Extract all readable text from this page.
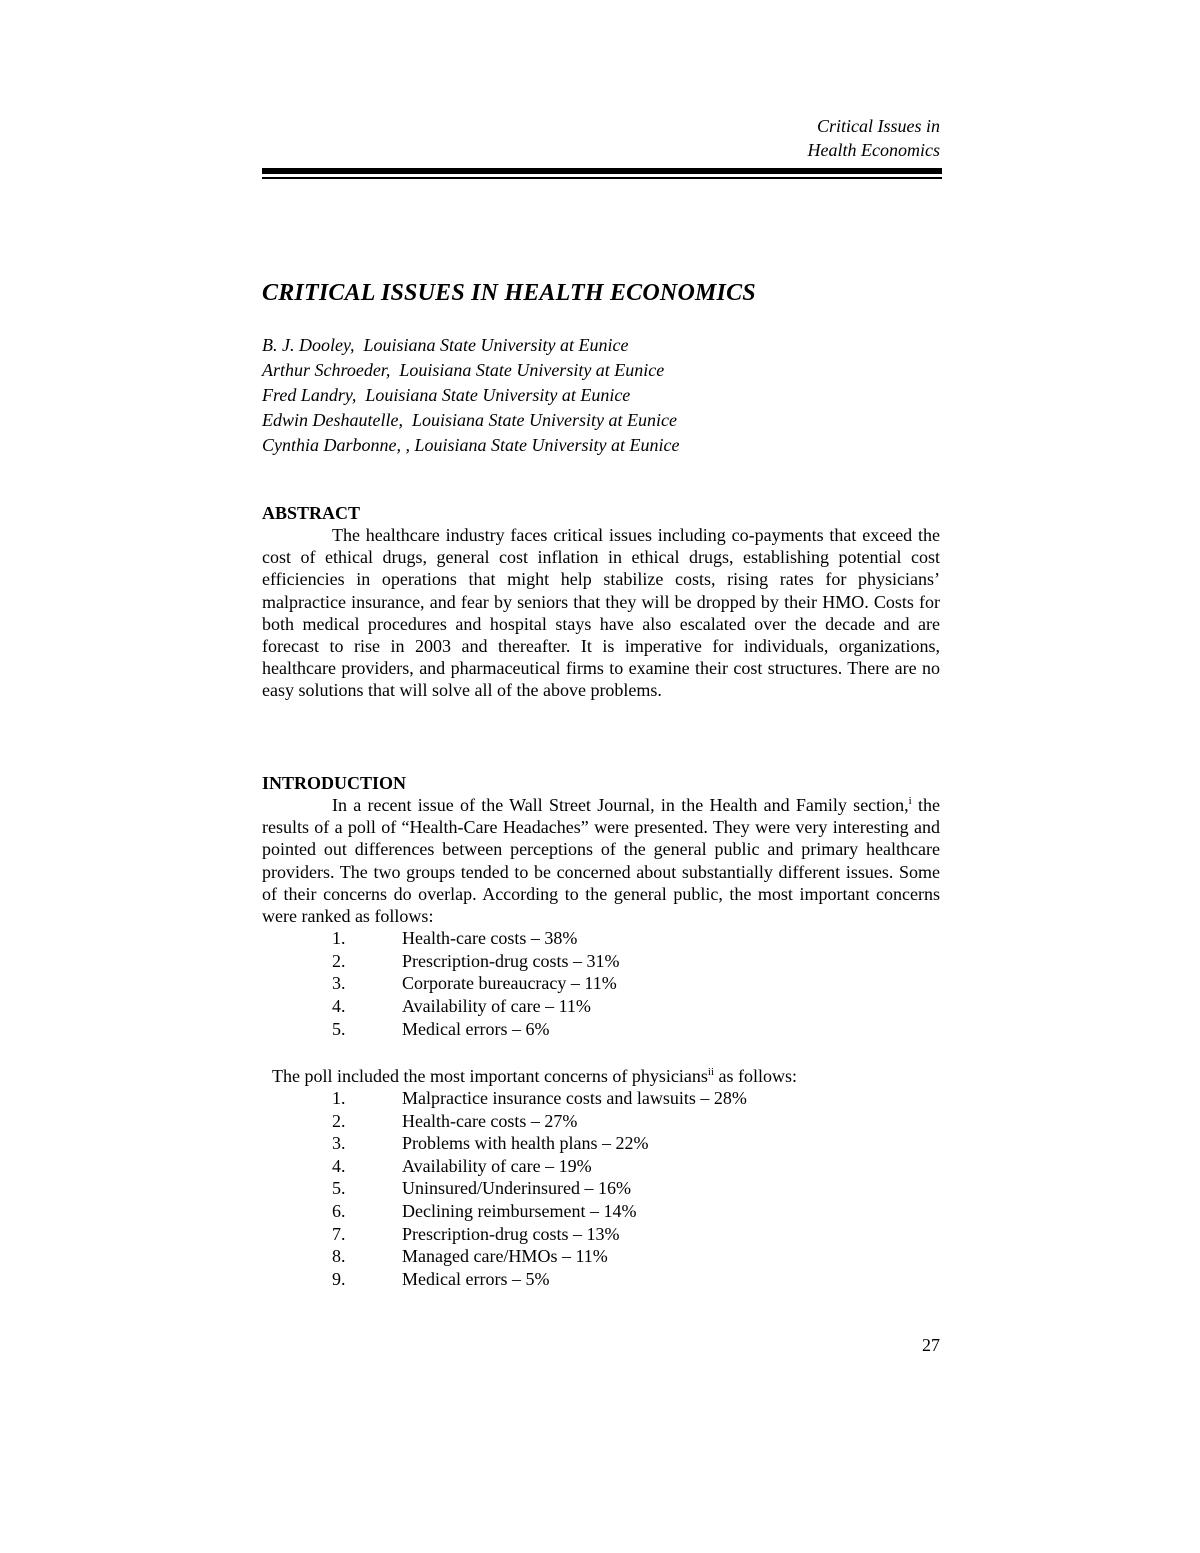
Critical Issues in
Health Economics
CRITICAL ISSUES IN HEALTH ECONOMICS
B. J. Dooley,  Louisiana State University at Eunice
Arthur Schroeder,  Louisiana State University at Eunice
Fred Landry,  Louisiana State University at Eunice
Edwin Deshautelle,  Louisiana State University at Eunice
Cynthia Darbonne, , Louisiana State University at Eunice
ABSTRACT

The healthcare industry faces critical issues including co-payments that exceed the cost of ethical drugs, general cost inflation in ethical drugs, establishing potential cost efficiencies in operations that might help stabilize costs, rising rates for physicians’ malpractice insurance, and fear by seniors that they will be dropped by their HMO. Costs for both medical procedures and hospital stays have also escalated over the decade and are forecast to rise in 2003 and thereafter. It is imperative for individuals, organizations, healthcare providers, and pharmaceutical firms to examine their cost structures. There are no easy solutions that will solve all of the above problems.

INTRODUCTION

In a recent issue of the Wall Street Journal, in the Health and Family section,$^i$ the results of a poll of “Health-Care Headaches” were presented. They were very interesting and pointed out differences between perceptions of the general public and primary healthcare providers. The two groups tended to be concerned about substantially different issues. Some of their concerns do overlap. According to the general public, the most important concerns were ranked as follows:

1.	Health-care costs – 38%
2.	Prescription-drug costs – 31%
3.	Corporate bureaucracy – 11%
4.	Availability of care – 11%
5.	Medical errors – 6%
The poll included the most important concerns of physicians$^{ii}$ as follows:
1.	Malpractice insurance costs and lawsuits – 28%
2.	Health-care costs – 27%
3.	Problems with health plans – 22%
4.	Availability of care – 19%
5.	Uninsured/Underinsured – 16%
6.	Declining reimbursement – 14%
7.	Prescription-drug costs – 13%
8.	Managed care/HMOs – 11%
9.	Medical errors – 5%
27
